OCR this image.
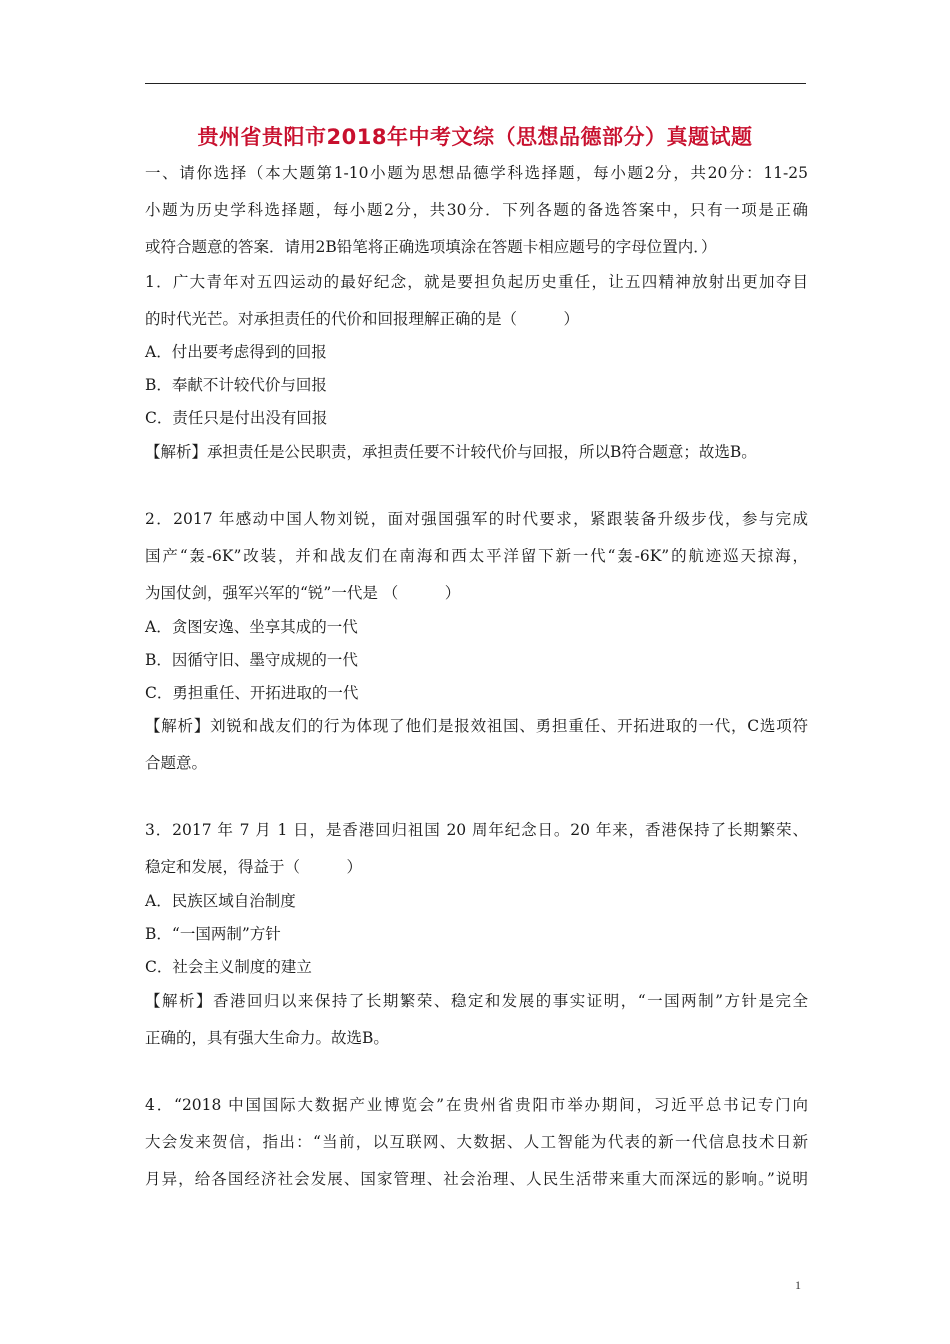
贵州省贵阳市2018年中考文综（思想品德部分）真题试题
一、请你选择（本大题第1-10小题为思想品德学科选择题，每小题2分，共20分：11-25
小题为历史学科选择题，每小题2分，共30分．下列各题的备选答案中，只有一项是正确
或符合题意的答案．请用2B铅笔将正确选项填涂在答题卡相应题号的字母位置内．）
1．广大青年对五四运动的最好纪念，就是要担负起历史重任，让五四精神放射出更加夺目
的时代光芒。对承担责任的代价和回报理解正确的是（　　　）
A．付出要考虑得到的回报
B．奉献不计较代价与回报
C．责任只是付出没有回报
【解析】承担责任是公民职责，承担责任要不计较代价与回报，所以B符合题意；故选B。
2．2017 年感动中国人物刘锐，面对强国强军的时代要求，紧跟装备升级步伐，参与完成
国产“轰-6K”改装，并和战友们在南海和西太平洋留下新一代“轰-6K”的航迹巡天掠海，
为国仗剑，强军兴军的“锐”一代是 （　　　）
A．贪图安逸、坐享其成的一代
B．因循守旧、墨守成规的一代
C．勇担重任、开拓进取的一代
【解析】刘锐和战友们的行为体现了他们是报效祖国、勇担重任、开拓进取的一代，C选项符
合题意。
3．2017 年 7 月 1 日，是香港回归祖国 20 周年纪念日。20 年来，香港保持了长期繁荣、
稳定和发展，得益于（　　　）
A．民族区域自治制度
B．“一国两制”方针
C．社会主义制度的建立
【解析】香港回归以来保持了长期繁荣、稳定和发展的事实证明，“一国两制”方针是完全
正确的，具有强大生命力。故选B。
4．“2018 中国国际大数据产业博览会”在贵州省贵阳市举办期间，习近平总书记专门向
大会发来贺信，指出：“当前，以互联网、大数据、人工智能为代表的新一代信息技术日新
月异，给各国经济社会发展、国家管理、社会治理、人民生活带来重大而深远的影响。”说明
1
